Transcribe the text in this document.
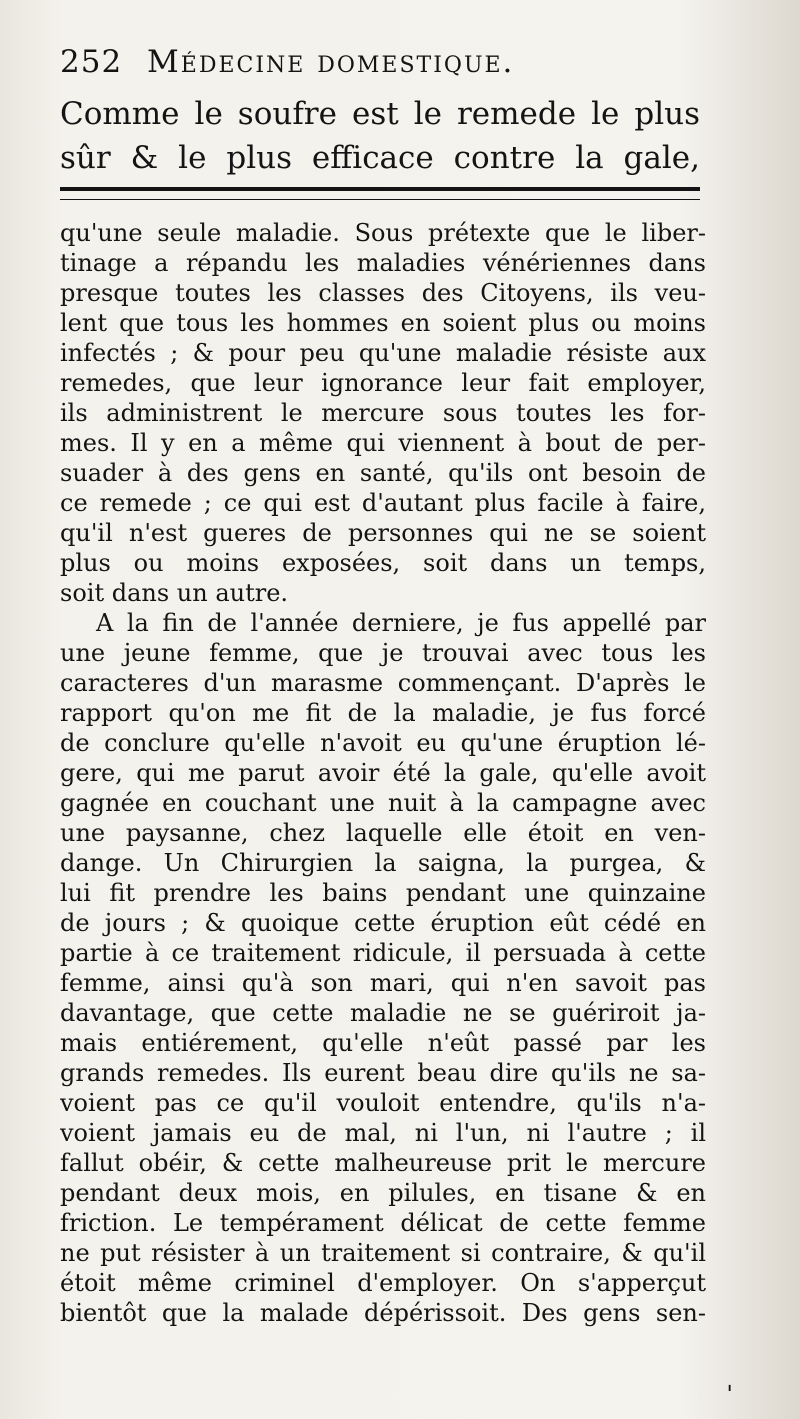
252 Médecine domestique.
Comme le soufre est le remede le plus
sûr & le plus efficace contre la gale,
qu'une seule maladie. Sous prétexte que le liber-
tinage a répandu les maladies vénériennes dans
presque toutes les classes des Citoyens, ils veu-
lent que tous les hommes en soient plus ou moins
infectés ; & pour peu qu'une maladie résiste aux
remedes, que leur ignorance leur fait employer,
ils administrent le mercure sous toutes les for-
mes. Il y en a même qui viennent à bout de per-
suader à des gens en santé, qu'ils ont besoin de
ce remede ; ce qui est d'autant plus facile à faire,
qu'il n'est gueres de personnes qui ne se soient
plus ou moins exposées, soit dans un temps,
soit dans un autre.
A la fin de l'année derniere, je fus appellé par
une jeune femme, que je trouvai avec tous les
caracteres d'un marasme commençant. D'après le
rapport qu'on me fit de la maladie, je fus forcé
de conclure qu'elle n'avoit eu qu'une éruption lé-
gere, qui me parut avoir été la gale, qu'elle avoit
gagnée en couchant une nuit à la campagne avec
une paysanne, chez laquelle elle étoit en ven-
dange. Un Chirurgien la saigna, la purgea, &
lui fit prendre les bains pendant une quinzaine
de jours ; & quoique cette éruption eût cédé en
partie à ce traitement ridicule, il persuada à cette
femme, ainsi qu'à son mari, qui n'en savoit pas
davantage, que cette maladie ne se guériroit ja-
mais entiérement, qu'elle n'eût passé par les
grands remedes. Ils eurent beau dire qu'ils ne sa-
voient pas ce qu'il vouloit entendre, qu'ils n'a-
voient jamais eu de mal, ni l'un, ni l'autre ; il
fallut obéir, & cette malheureuse prit le mercure
pendant deux mois, en pilules, en tisane & en
friction. Le tempérament délicat de cette femme
ne put résister à un traitement si contraire, & qu'il
étoit même criminel d'employer. On s'apperçut
bientôt que la malade dépérissoit. Des gens sen-
ˌ
